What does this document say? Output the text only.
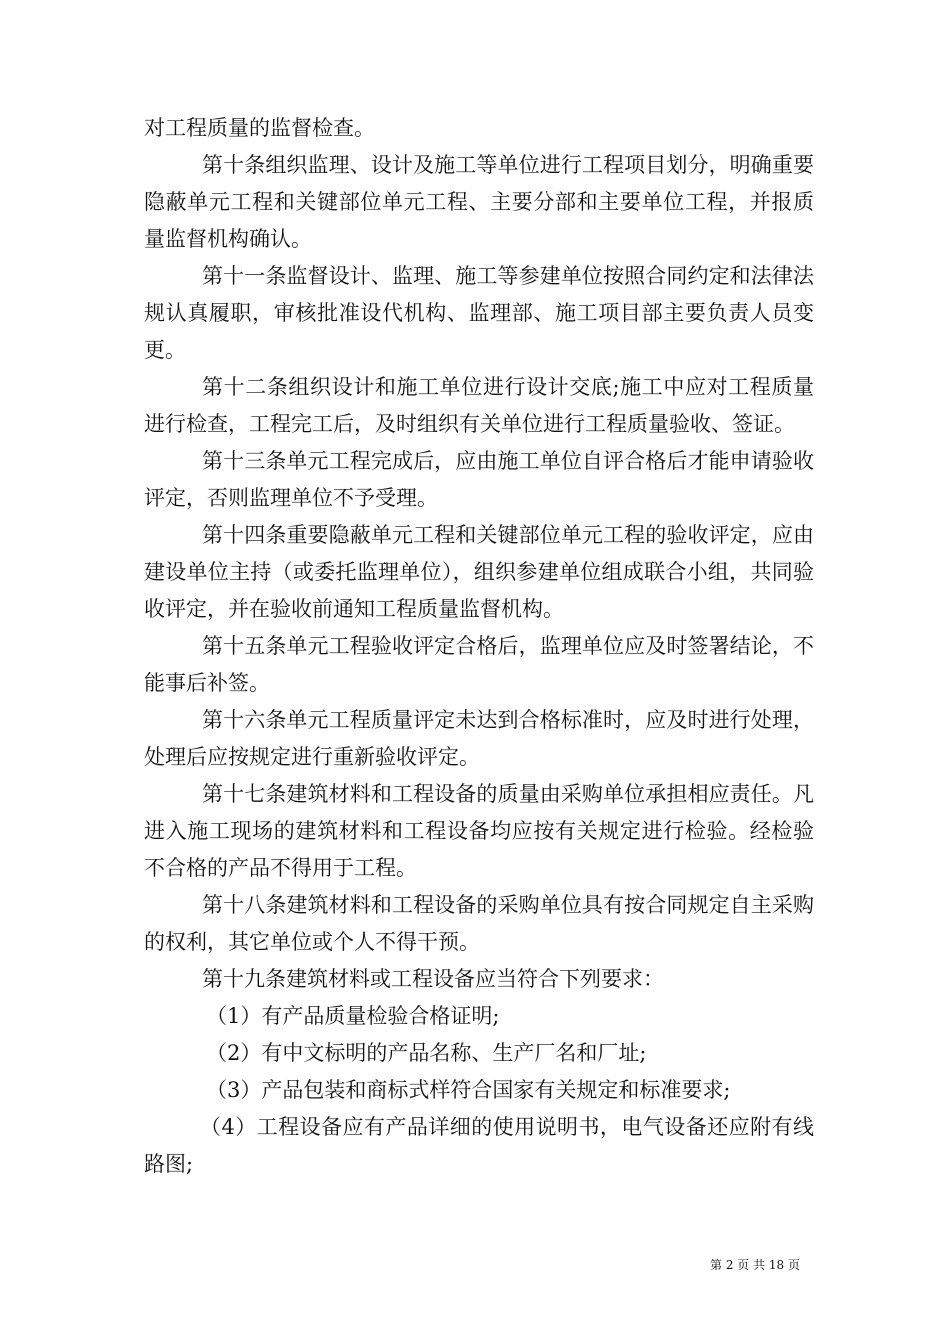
对工程质量的监督检查。

第十条组织监理、设计及施工等单位进行工程项目划分，明确重要隐蔽单元工程和关键部位单元工程、主要分部和主要单位工程，并报质量监督机构确认。

第十一条监督设计、监理、施工等参建单位按照合同约定和法律法规认真履职，审核批准设代机构、监理部、施工项目部主要负责人员变更。

第十二条组织设计和施工单位进行设计交底;施工中应对工程质量进行检查，工程完工后，及时组织有关单位进行工程质量验收、签证。

第十三条单元工程完成后，应由施工单位自评合格后才能申请验收评定，否则监理单位不予受理。

第十四条重要隐蔽单元工程和关键部位单元工程的验收评定，应由建设单位主持（或委托监理单位），组织参建单位组成联合小组，共同验收评定，并在验收前通知工程质量监督机构。

第十五条单元工程验收评定合格后，监理单位应及时签署结论，不能事后补签。

第十六条单元工程质量评定未达到合格标准时，应及时进行处理，处理后应按规定进行重新验收评定。

第十七条建筑材料和工程设备的质量由采购单位承担相应责任。凡进入施工现场的建筑材料和工程设备均应按有关规定进行检验。经检验不合格的产品不得用于工程。

第十八条建筑材料和工程设备的采购单位具有按合同规定自主采购的权利，其它单位或个人不得干预。

第十九条建筑材料或工程设备应当符合下列要求：

（1）有产品质量检验合格证明;

（2）有中文标明的产品名称、生产厂名和厂址;

（3）产品包装和商标式样符合国家有关规定和标准要求;

（4）工程设备应有产品详细的使用说明书，电气设备还应附有线路图;

第 2 页 共 18 页
